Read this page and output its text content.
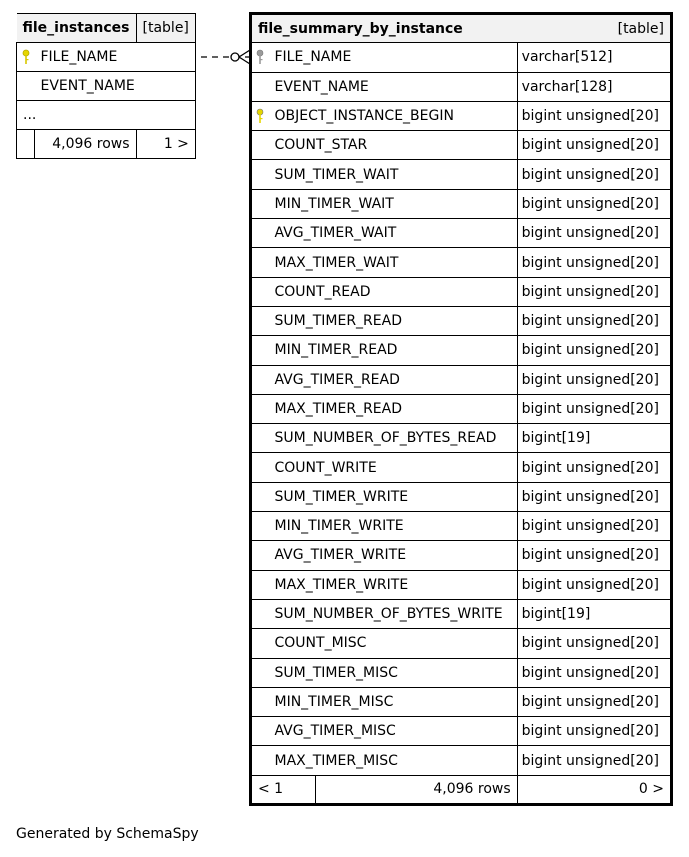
file_instances		[table]
	FILE_NAME	
	EVENT_NAME	
...		
	4,096 rows	1 >
file_summary_by_instance			[table]
	FILE_NAME		varchar[512]
	EVENT_NAME		varchar[128]
	OBJECT_INSTANCE_BEGIN		bigint unsigned[20]
	COUNT_STAR		bigint unsigned[20]
	SUM_TIMER_WAIT		bigint unsigned[20]
	MIN_TIMER_WAIT		bigint unsigned[20]
	AVG_TIMER_WAIT		bigint unsigned[20]
	MAX_TIMER_WAIT		bigint unsigned[20]
	COUNT_READ		bigint unsigned[20]
	SUM_TIMER_READ		bigint unsigned[20]
	MIN_TIMER_READ		bigint unsigned[20]
	AVG_TIMER_READ		bigint unsigned[20]
	MAX_TIMER_READ		bigint unsigned[20]
	SUM_NUMBER_OF_BYTES_READ		bigint[19]
	COUNT_WRITE		bigint unsigned[20]
	SUM_TIMER_WRITE		bigint unsigned[20]
	MIN_TIMER_WRITE		bigint unsigned[20]
	AVG_TIMER_WRITE		bigint unsigned[20]
	MAX_TIMER_WRITE		bigint unsigned[20]
	SUM_NUMBER_OF_BYTES_WRITE		bigint[19]
	COUNT_MISC		bigint unsigned[20]
	SUM_TIMER_MISC		bigint unsigned[20]
	MIN_TIMER_MISC		bigint unsigned[20]
	AVG_TIMER_MISC		bigint unsigned[20]
	MAX_TIMER_MISC		bigint unsigned[20]
< 1		4,096 rows	0 >
Generated by SchemaSpy
